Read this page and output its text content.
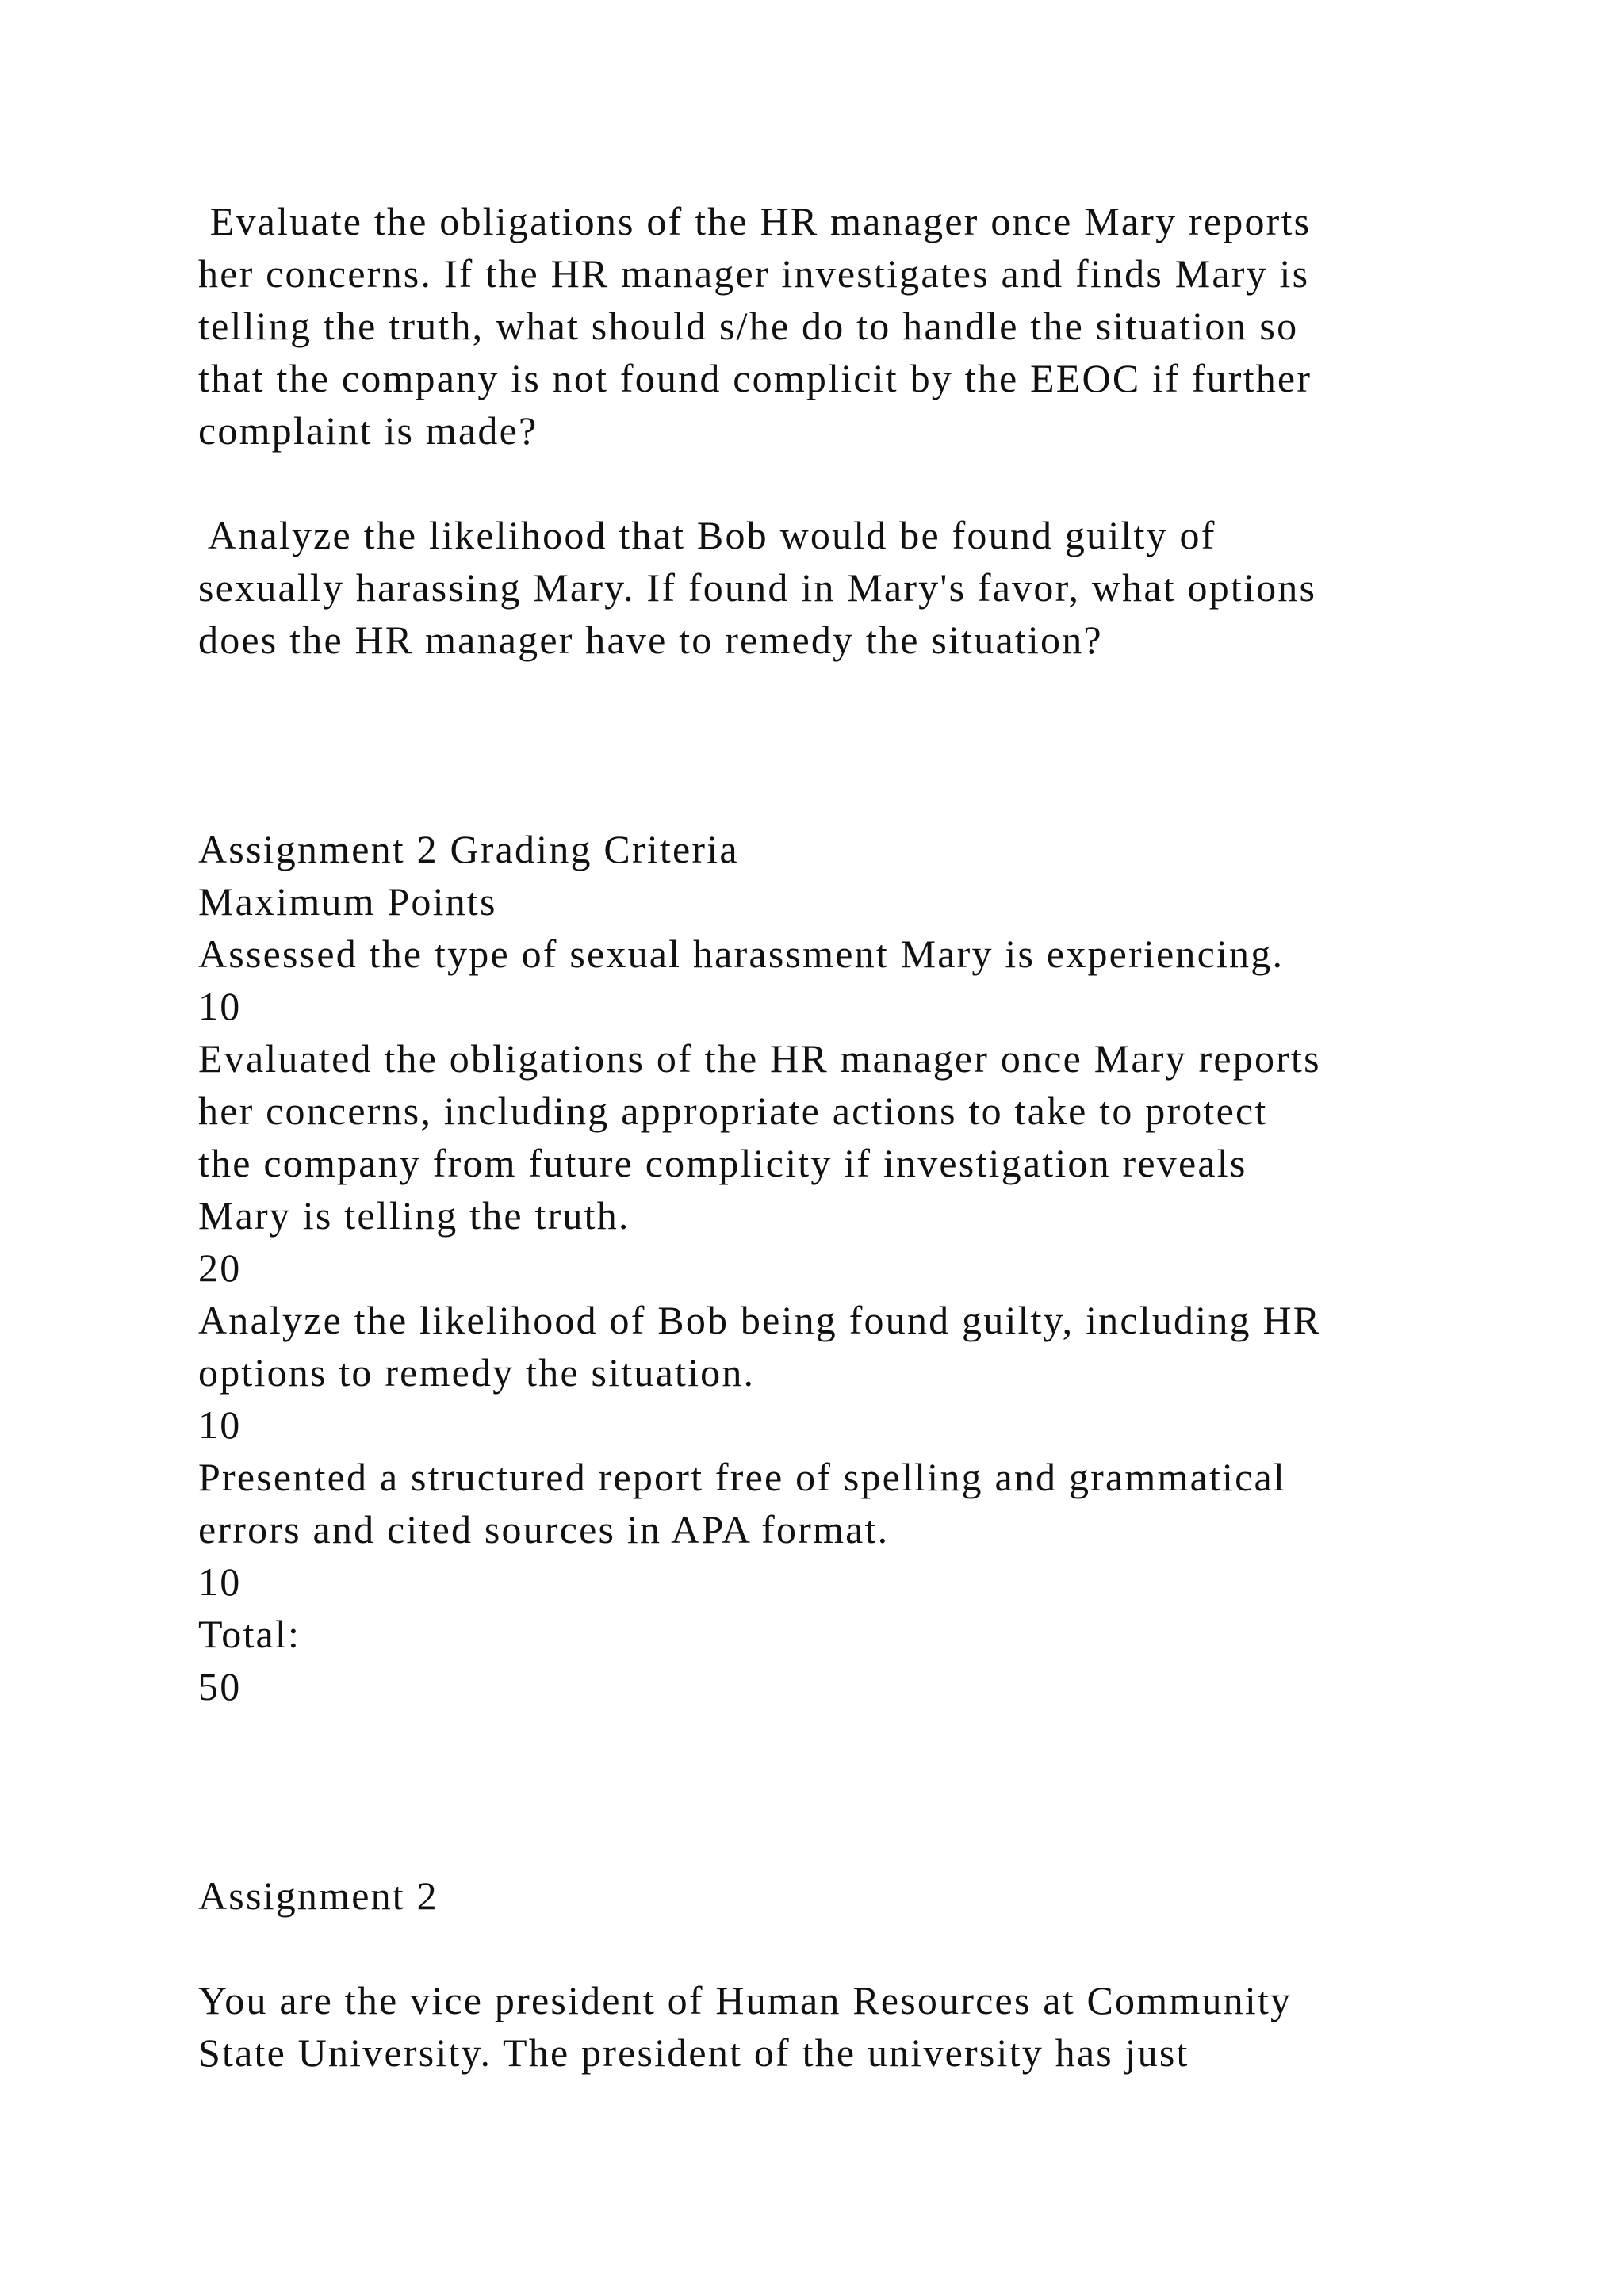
Evaluate the obligations of the HR manager once Mary reports
her concerns. If the HR manager investigates and finds Mary is
telling the truth, what should s/he do to handle the situation so
that the company is not found complicit by the EEOC if further
complaint is made?
Analyze the likelihood that Bob would be found guilty of
sexually harassing Mary. If found in Mary's favor, what options
does the HR manager have to remedy the situation?
Assignment 2 Grading Criteria
Maximum Points
Assessed the type of sexual harassment Mary is experiencing.
10
Evaluated the obligations of the HR manager once Mary reports
her concerns, including appropriate actions to take to protect
the company from future complicity if investigation reveals
Mary is telling the truth.
20
Analyze the likelihood of Bob being found guilty, including HR
options to remedy the situation.
10
Presented a structured report free of spelling and grammatical
errors and cited sources in APA format.
10
Total:
50
Assignment 2
You are the vice president of Human Resources at Community
State University. The president of the university has just
